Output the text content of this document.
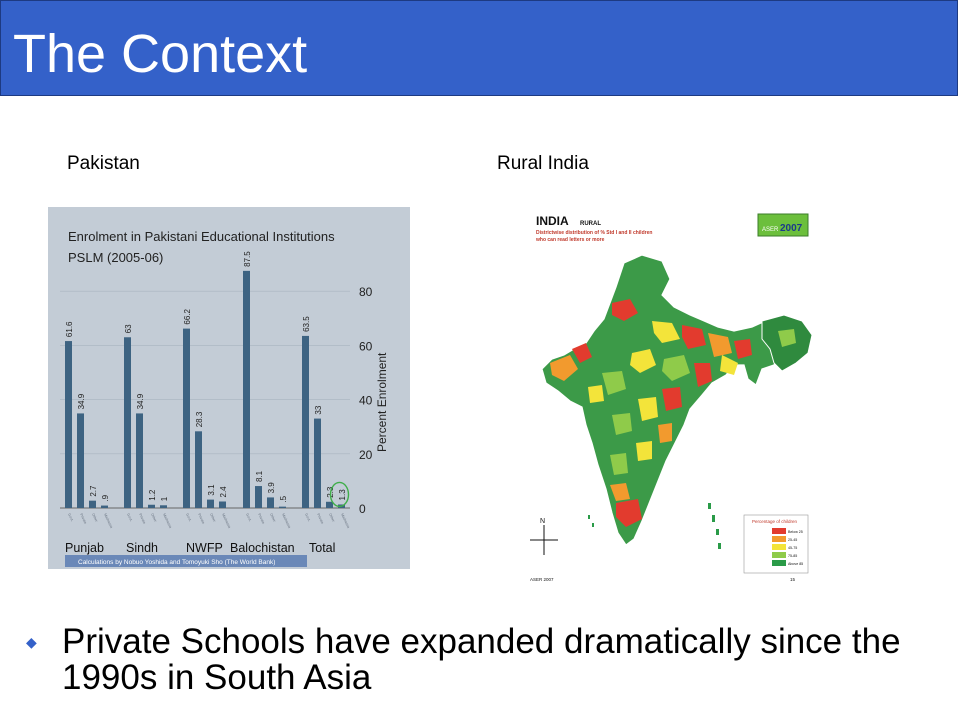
The Context
Pakistan	Rural India
Enrolment in Pakistani Educational Institutions
PSLM (2005-06)
0
20
40
60
80
Percent Enrolment
61.6
Govt.
34.9
Private
2.7
Other
.9
Madrassa
Punjab
63
Govt.
34.9
Private
1.2
Other
1
Madrassa
Sindh
66.2
Govt.
28.3
Private
3.1
Other
2.4
Madrassa
NWFP
87.5
Govt.
8.1
Private
3.9
Other
.5
Madrassa
Balochistan
63.5
Govt.
33
Private
2.3
Other
1.3
Madrassa
Total
Calculations by Nobuo Yoshida and Tomoyuki Sho (The World Bank)
INDIA RURAL
Districtwise distribution of % Std I and II children
who can read letters or more
ASER 2007
N	Percentage of children
Below 25
25-45
45-75
75-85
Above 85
ASER 2007	15
◆ Private Schools have expanded dramatically since the 1990s in South Asia
